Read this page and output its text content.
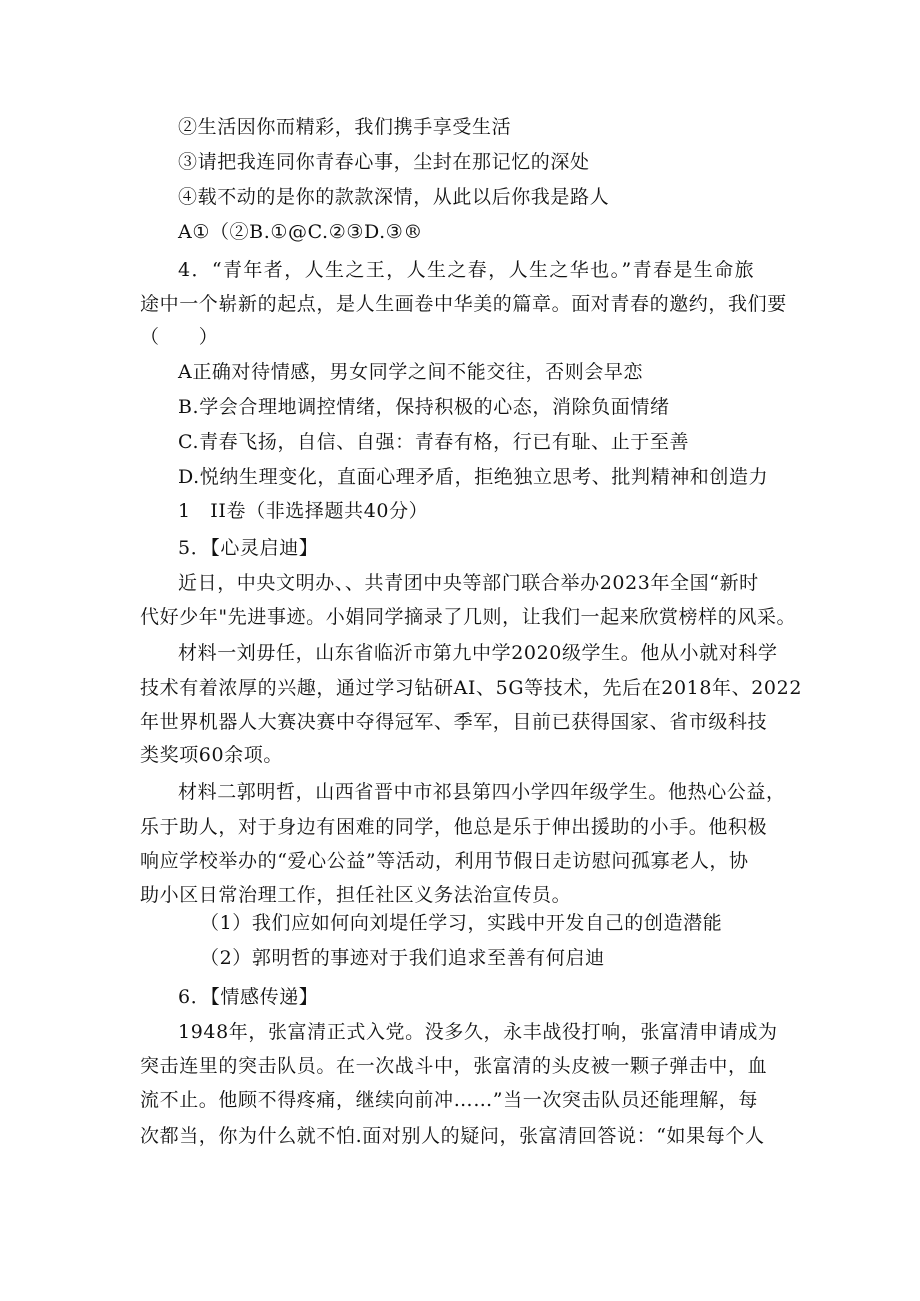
②生活因你而精彩，我们携手享受生活
③请把我连同你青春心事，尘封在那记忆的深处
④载不动的是你的款款深情，从此以后你我是路人
A①（②B.①@C.②③D.③®
4．“青年者，人生之王，人生之春，人生之华也。”青春是生命旅
途中一个崭新的起点，是人生画卷中华美的篇章。面对青春的邀约，我们要
（　　）
A正确对待情感，男女同学之间不能交往，否则会早恋
B.学会合理地调控情绪，保持积极的心态，消除负面情绪
C.青春飞扬，自信、自强：青春有格，行已有耻、止于至善
D.悦纳生理变化，直面心理矛盾，拒绝独立思考、批判精神和创造力
1　II卷（非选择题共40分）
5．【心灵启迪】
近日，中央文明办、、共青团中央等部门联合举办2023年全国“新时
代好少年"先进事迹。小娟同学摘录了几则，让我们一起来欣赏榜样的风采。
材料一刘毋任，山东省临沂市第九中学2020级学生。他从小就对科学
技术有着浓厚的兴趣，通过学习钻研AI、5G等技术，先后在2018年、2022
年世界机器人大赛决赛中夺得冠军、季军，目前已获得国家、省市级科技
类奖项60余项。
材料二郭明哲，山西省晋中市祁县第四小学四年级学生。他热心公益，
乐于助人，对于身边有困难的同学，他总是乐于伸出援助的小手。他积极
响应学校举办的“爱心公益”等活动，利用节假日走访慰问孤寡老人，协
助小区日常治理工作，担任社区义务法治宣传员。
（1）我们应如何向刘堤任学习，实践中开发自己的创造潜能
（2）郭明哲的事迹对于我们追求至善有何启迪
6．【情感传递】
1948年，张富清正式入党。没多久，永丰战役打响，张富清申请成为
突击连里的突击队员。在一次战斗中，张富清的头皮被一颗子弹击中，血
流不止。他顾不得疼痛，继续向前冲……”当一次突击队员还能理解，每
次都当，你为什么就不怕.面对别人的疑问，张富清回答说：“如果每个人
